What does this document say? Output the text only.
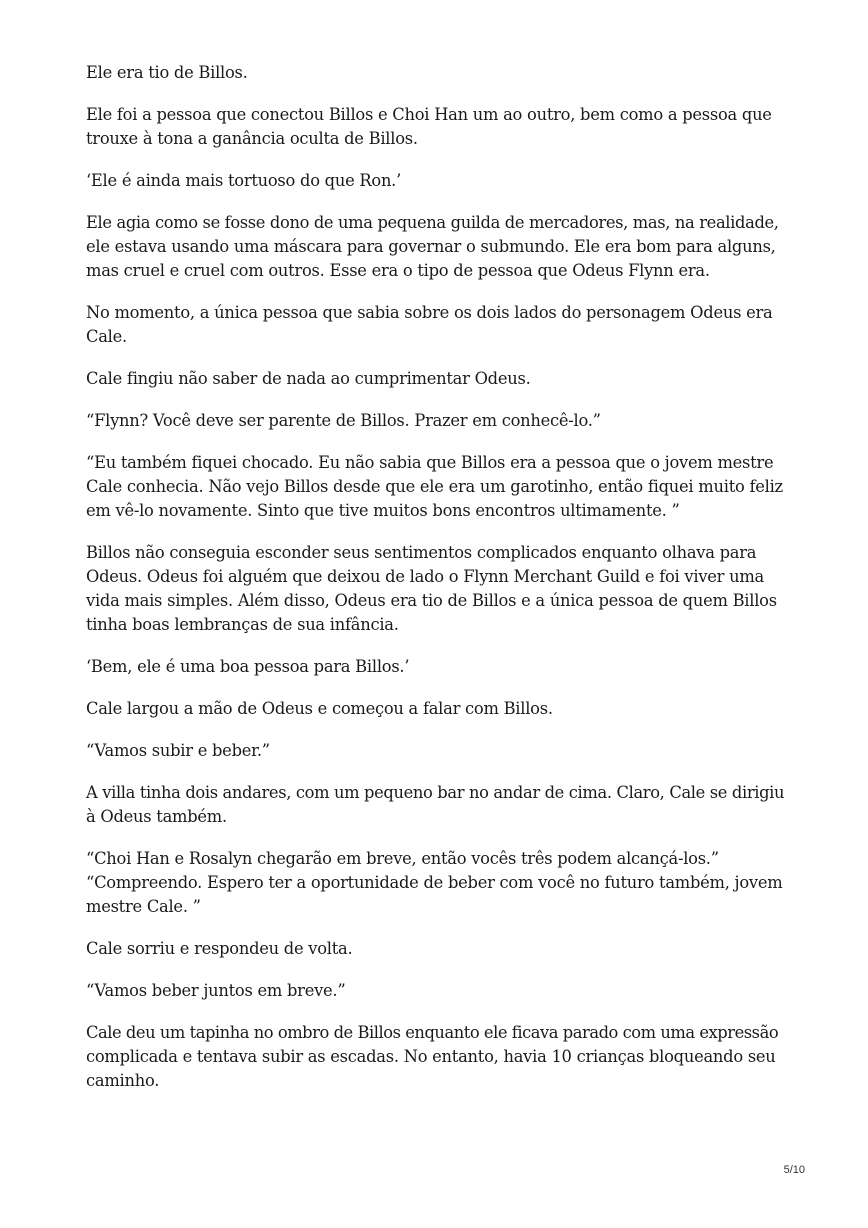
Ele era tio de Billos.

Ele foi a pessoa que conectou Billos e Choi Han um ao outro, bem como a pessoa que
trouxe à tona a ganância oculta de Billos.

‘Ele é ainda mais tortuoso do que Ron.’

Ele agia como se fosse dono de uma pequena guilda de mercadores, mas, na realidade,
ele estava usando uma máscara para governar o submundo. Ele era bom para alguns,
mas cruel e cruel com outros. Esse era o tipo de pessoa que Odeus Flynn era.

No momento, a única pessoa que sabia sobre os dois lados do personagem Odeus era
Cale.

Cale fingiu não saber de nada ao cumprimentar Odeus.

“Flynn? Você deve ser parente de Billos. Prazer em conhecê-lo.”

“Eu também fiquei chocado. Eu não sabia que Billos era a pessoa que o jovem mestre
Cale conhecia. Não vejo Billos desde que ele era um garotinho, então fiquei muito feliz
em vê-lo novamente. Sinto que tive muitos bons encontros ultimamente. ”

Billos não conseguia esconder seus sentimentos complicados enquanto olhava para
Odeus. Odeus foi alguém que deixou de lado o Flynn Merchant Guild e foi viver uma
vida mais simples. Além disso, Odeus era tio de Billos e a única pessoa de quem Billos
tinha boas lembranças de sua infância.

‘Bem, ele é uma boa pessoa para Billos.’

Cale largou a mão de Odeus e começou a falar com Billos.

“Vamos subir e beber.”

A villa tinha dois andares, com um pequeno bar no andar de cima. Claro, Cale se dirigiu
à Odeus também.

“Choi Han e Rosalyn chegarão em breve, então vocês três podem alcançá-los.”
“Compreendo. Espero ter a oportunidade de beber com você no futuro também, jovem
mestre Cale. ”

Cale sorriu e respondeu de volta.

“Vamos beber juntos em breve.”

Cale deu um tapinha no ombro de Billos enquanto ele ficava parado com uma expressão
complicada e tentava subir as escadas. No entanto, havia 10 crianças bloqueando seu
caminho.

5/10
